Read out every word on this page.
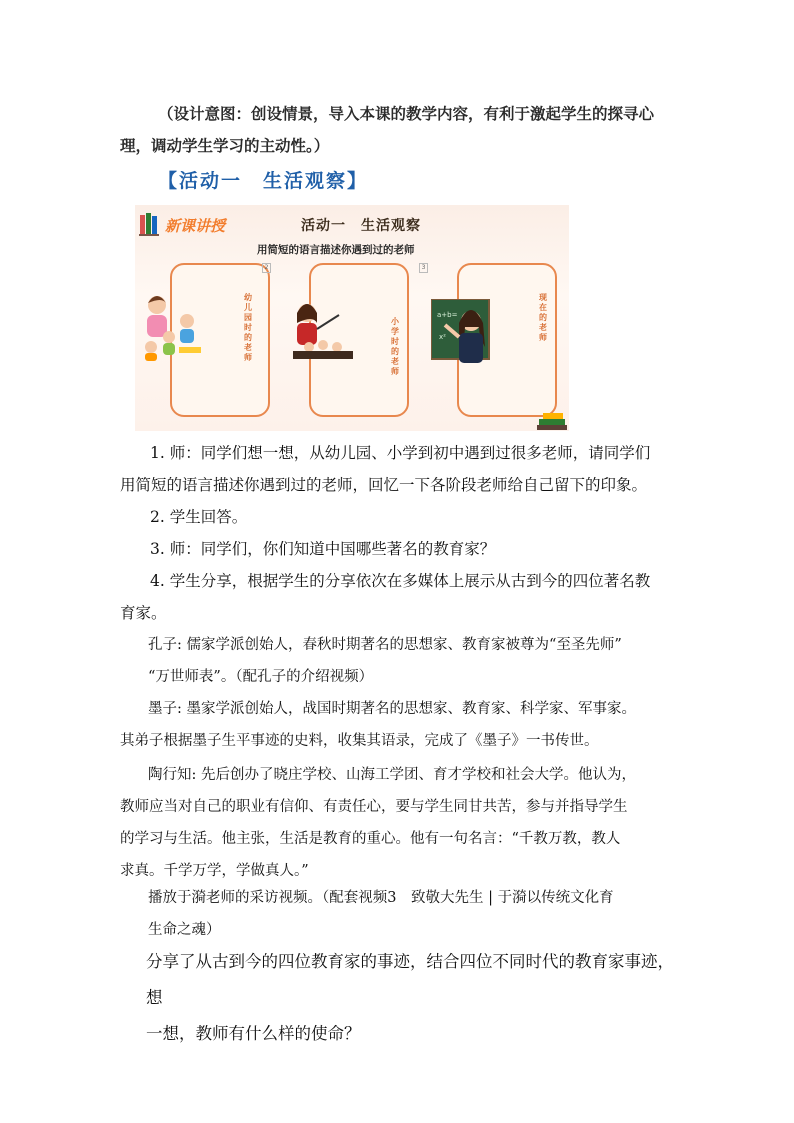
（设计意图：创设情景，导入本课的教学内容，有利于激起学生的探寻心
理，调动学生学习的主动性。）

【活动一　生活观察】
新课讲授	活动一　生活观察
用简短的语言描述你遇到过的老师
幼儿园时的老师
2
小学时的老师
3
现在的老师
a+b=
x²

1. 师：同学们想一想，从幼儿园、小学到初中遇到过很多老师，请同学们
用简短的语言描述你遇到过的老师，回忆一下各阶段老师给自己留下的印象。

2. 学生回答。

3. 师：同学们，你们知道中国哪些著名的教育家？

4. 学生分享，根据学生的分享依次在多媒体上展示从古到今的四位著名教
育家。

孔子: 儒家学派创始人，春秋时期著名的思想家、教育家被尊为“至圣先师”
“万世师表”。（配孔子的介绍视频）

墨子: 墨家学派创始人，战国时期著名的思想家、教育家、科学家、军事家。
其弟子根据墨子生平事迹的史料，收集其语录，完成了《墨子》一书传世。

陶行知: 先后创办了晓庄学校、山海工学团、育才学校和社会大学。他认为，
教师应当对自己的职业有信仰、有责任心，要与学生同甘共苦，参与并指导学生
的学习与生活。他主张，生活是教育的重心。他有一句名言：“千教万教，教人
求真。千学万学，学做真人。”

播放于漪老师的采访视频。（配套视频3　致敬大先生 | 于漪以传统文化育
生命之魂）

分享了从古到今的四位教育家的事迹，结合四位不同时代的教育家事迹，想
一想，教师有什么样的使命？
